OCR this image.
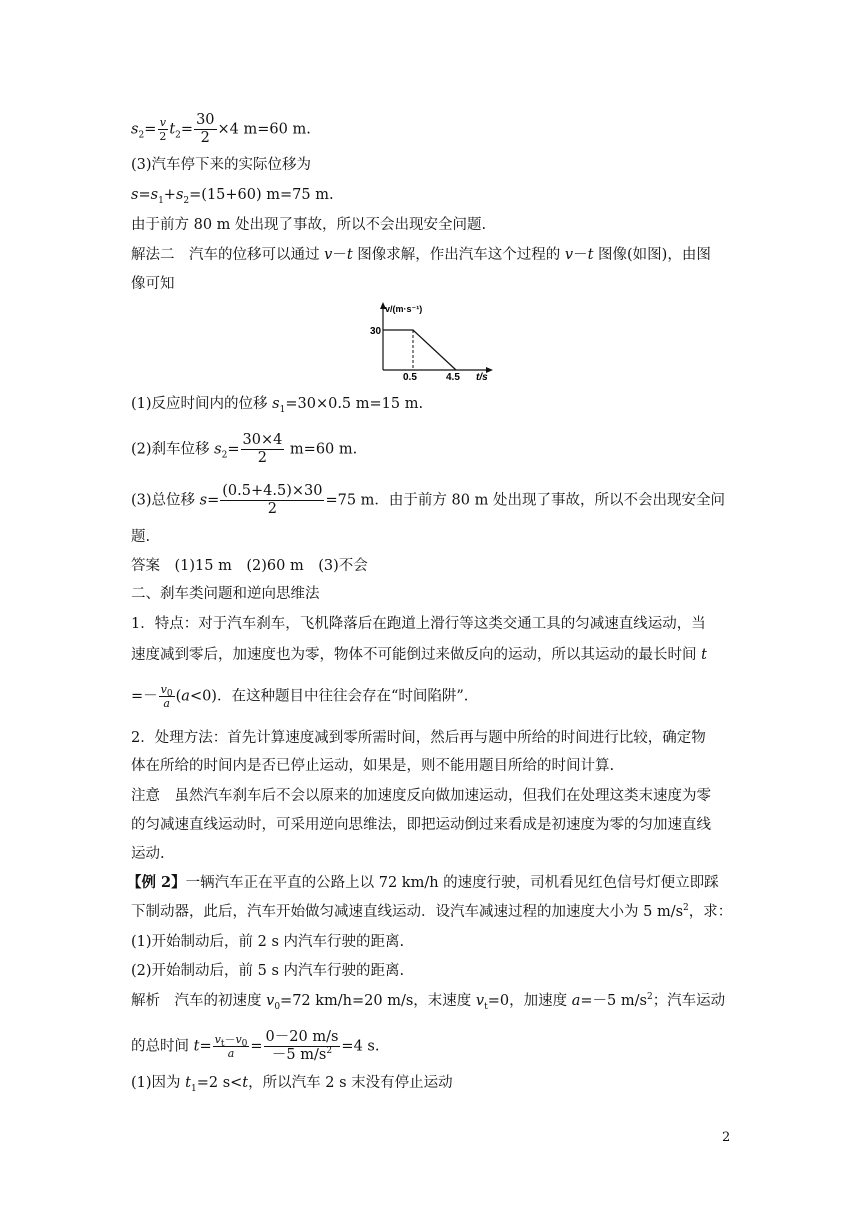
$s_2= \frac{v}{2} t_2= \frac{30}{2} \times 4$ m=60 m.
(3)汽车停下来的实际位移为
$s=s_1+s_2=(15+60)$ m=75 m.
由于前方 80 m 处出现了事故，所以不会出现安全问题.
解法二　汽车的位移可以通过 v－t 图像求解，作出汽车这个过程的 v－t 图像(如图)，由图
像可知
v/(m·s⁻¹)
30
0.5	4.5 t/s
(1)反应时间内的位移 $s_1=30\times 0.5$ m=15 m.
(2)刹车位移 $s_2= \frac{30\times 4}{2} m=60$ m.
(3)总位移 $s= \frac{(0.5+4.5)\times 30}{2} =75$ m．由于前方 80 m 处出现了事故，所以不会出现安全问
题.
答案　(1)15 m　(2)60 m　(3)不会
二、刹车类问题和逆向思维法
1．特点：对于汽车刹车，飞机降落后在跑道上滑行等这类交通工具的匀减速直线运动，当
速度减到零后，加速度也为零，物体不可能倒过来做反向的运动，所以其运动的最长时间 t
=－ $\frac{v_0}{a} (a<0)$．在这种题目中往往会存在“时间陷阱”.
2．处理方法：首先计算速度减到零所需时间，然后再与题中所给的时间进行比较，确定物
体在所给的时间内是否已停止运动，如果是，则不能用题目所给的时间计算.
注意　虽然汽车刹车后不会以原来的加速度反向做加速运动，但我们在处理这类末速度为零
的匀减速直线运动时，可采用逆向思维法，即把运动倒过来看成是初速度为零的匀加速直线
运动.
【例 2】一辆汽车正在平直的公路上以 72 km/h 的速度行驶，司机看见红色信号灯便立即踩
下制动器，此后，汽车开始做匀减速直线运动．设汽车减速过程的加速度大小为 5 $m/s^2$，求：
(1)开始制动后，前 2 s 内汽车行驶的距离.
(2)开始制动后，前 5 s 内汽车行驶的距离.
解析　汽车的初速度 $v_0=72$ km/h=20 m/s，末速度 $v_t=0$，加速度 a=－5 $m/s^2$；汽车运动
的总时间 $t= \frac{v_t-v_0}{a} = \frac{0-20 m/s}{-5 m/s^2} =4$ s.
(1)因为 $t_1=2$ s<t，所以汽车 2 s 末没有停止运动
2
